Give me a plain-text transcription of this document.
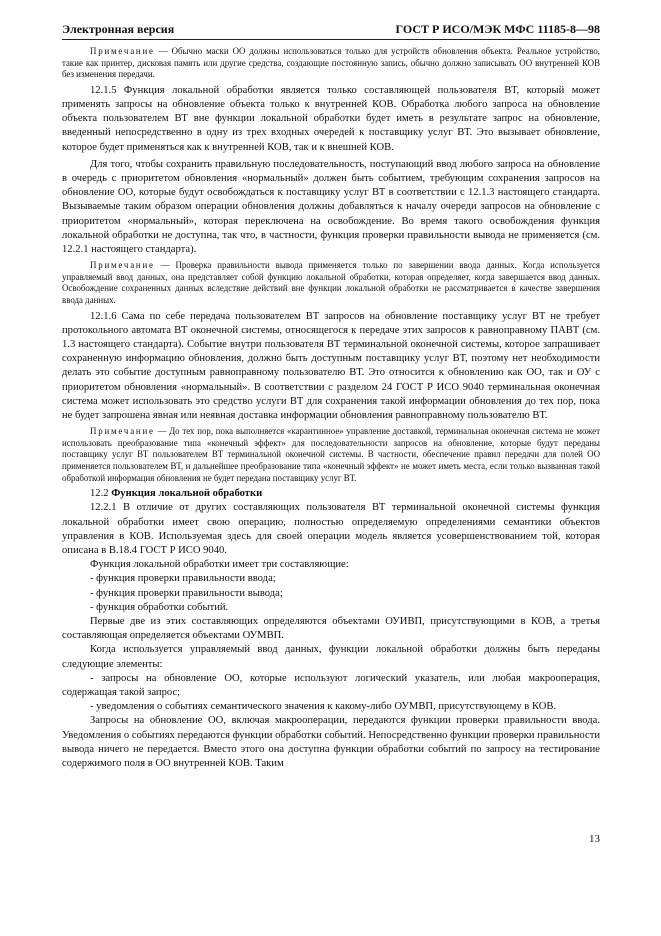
Электронная версия	ГОСТ Р ИСО/МЭК МФС 11185-8—98

Примечание — Обычно маски ОО должны использоваться только для устройств обновления объекта. Реальное устройство, такие как принтер, дисковая память или другие средства, создающие постоянную запись, обычно должно записывать ОО внутренней КОВ без изменения передачи.

12.1.5 Функция локальной обработки является только составляющей пользователя ВТ, который может применять запросы на обновление объекта только к внутренней КОВ. Обработка любого запроса на обновление объекта пользователем ВТ вне функции локальной обработки будет иметь в результате запрос на обновление, введенный непосредственно в одну из трех входных очередей к поставщику услуг ВТ. Это вызывает обновление, которое будет применяться как к внутренней КОВ, так и к внешней КОВ.

Для того, чтобы сохранить правильную последовательность, поступающий ввод любого запроса на обновление в очередь с приоритетом обновления «нормальный» должен быть событием, требующим сохранения запросов на обновление ОО, которые будут освобождаться к поставщику услуг ВТ в соответствии с 12.1.3 настоящего стандарта. Вызываемые таким образом операции обновления должны добавляться к началу очереди запросов на обновление с приоритетом «нормальный», которая переключена на освобождение. Во время такого освобождения функция локальной обработки не доступна, так что, в частности, функция проверки правильности вывода не применяется (см. 12.2.1 настоящего стандарта).

Примечание — Проверка правильности вывода применяется только по завершении ввода данных. Когда используется управляемый ввод данных, она представляет собой функцию локальной обработки, которая определяет, когда завершается ввод данных. Освобождение сохраненных данных вследствие действий вне функции локальной обработки не рассматривается в качестве завершения ввода данных.

12.1.6 Сама по себе передача пользователем ВТ запросов на обновление поставщику услуг ВТ не требует протокольного автомата ВТ оконечной системы, относящегося к передаче этих запросов к равноправному ПАВТ (см. 1.3 настоящего стандарта). Событие внутри пользователя ВТ терминальной оконечной системы, которое запрашивает сохраненную информацию обновления, должно быть доступным поставщику услуг ВТ, поэтому нет необходимости делать это событие доступным равноправному пользователю ВТ. Это относится к обновлению как ОО, так и ОУ с приоритетом обновления «нормальный». В соответствии с разделом 24 ГОСТ Р ИСО 9040 терминальная оконечная система может использовать это средство услуги ВТ для сохранения такой информации обновления до тех пор, пока не будет запрошена явная или неявная доставка информации обновления равноправному пользователю ВТ.

Примечание — До тех пор, пока выполняется «карантинное» управление доставкой, терминальная оконечная система не может использовать преобразование типа «конечный эффект» для последовательности запросов на обновление, которые будут переданы поставщику услуг ВТ пользователем ВТ терминальной оконечной системы. В частности, обеспечение правил передачи для полей ОО применяется пользователем ВТ, и дальнейшее преобразование типа «конечный эффект» не может иметь места, если только вызванная такой обработкой информация обновления не будет передана поставщику услуг ВТ.

12.2 Функция локальной обработки

12.2.1 В отличие от других составляющих пользователя ВТ терминальной оконечной системы функция локальной обработки имеет свою операцию, полностью определяемую определениями семантики объектов управления в КОВ. Используемая здесь для своей операции модель является усовершенствованием той, которая описана в В.18.4 ГОСТ Р ИСО 9040.

Функция локальной обработки имеет три составляющие:

- функция проверки правильности ввода;
- функция проверки правильности вывода;
- функция обработки событий.

Первые две из этих составляющих определяются объектами ОУИВП, присутствующими в КОВ, а третья составляющая определяется объектами ОУМВП.

Когда используется управляемый ввод данных, функции локальной обработки должны быть переданы следующие элементы:

- запросы на обновление ОО, которые используют логический указатель, или любая макрооперация, содержащая такой запрос;
- уведомления о событиях семантического значения к какому-либо ОУМВП, присутствующему в КОВ.

Запросы на обновление ОО, включая макрооперации, передаются функции проверки правильности ввода. Уведомления о событиях передаются функции обработки событий. Непосредственно функции проверки правильности вывода ничего не передается. Вместо этого она доступна функции обработки событий по запросу на тестирование содержимого поля в ОО внутренней КОВ. Таким

13
